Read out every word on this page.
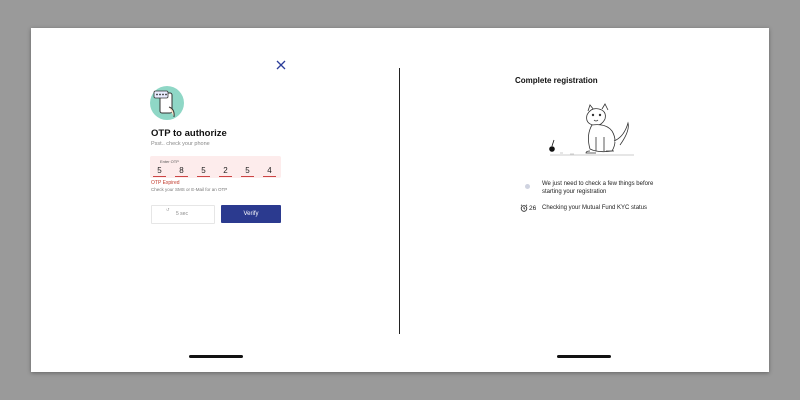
OTP to authorize
Psst.. check your phone
Enter OTP
5	8	5	2	5	4
OTP Expired
Check your SMS or E-Mail for an OTP
↺
5 sec	Verify
Complete registration
We just need to check a few things before starting your registration
26 Checking your Mutual Fund KYC status
